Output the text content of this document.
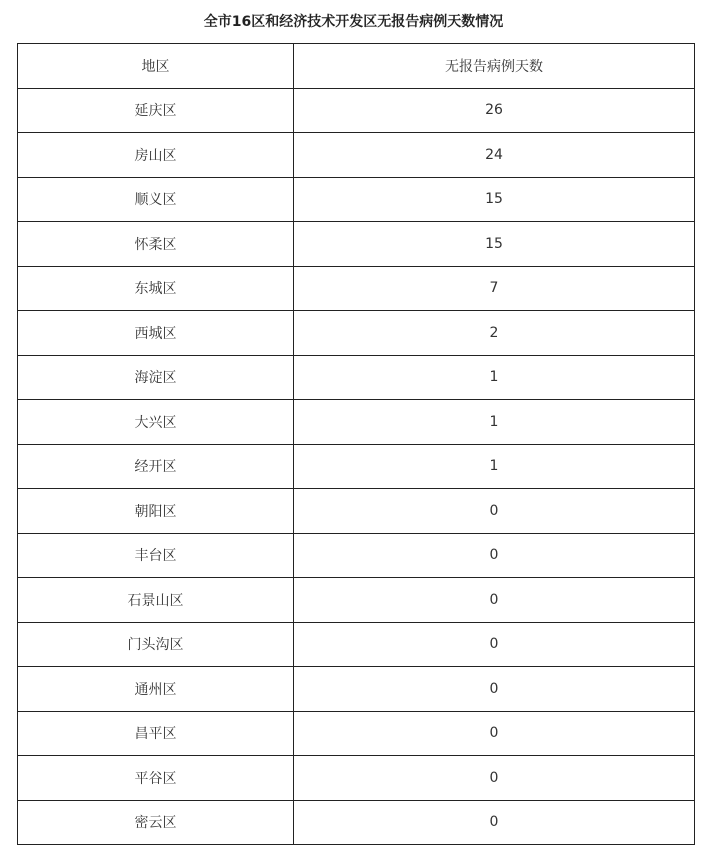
全市16区和经济技术开发区无报告病例天数情况
地区	无报告病例天数
延庆区	26
房山区	24
顺义区	15
怀柔区	15
东城区	7
西城区	2
海淀区	1
大兴区	1
经开区	1
朝阳区	0
丰台区	0
石景山区	0
门头沟区	0
通州区	0
昌平区	0
平谷区	0
密云区	0
